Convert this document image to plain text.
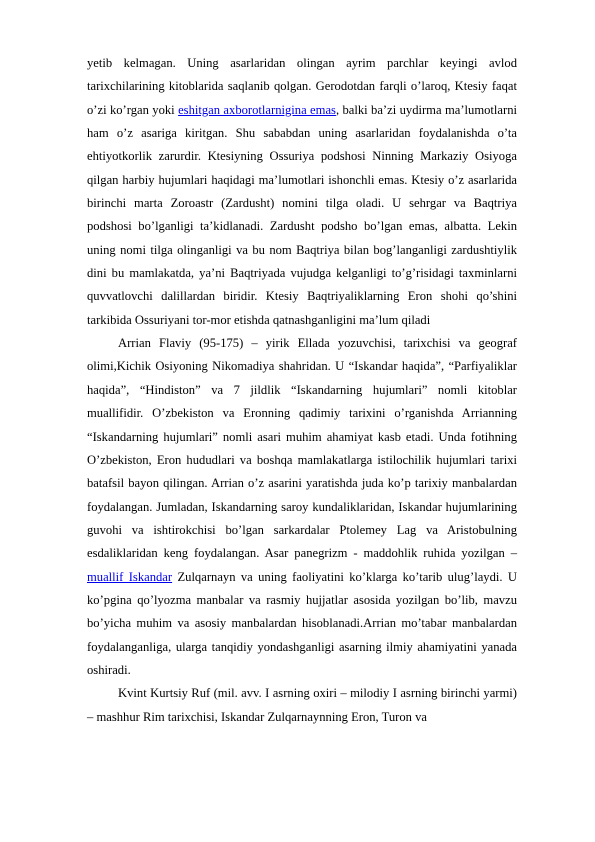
yetib kelmagan. Uning asarlaridan olingan ayrim parchlar keyingi avlod tarixchilarining kitoblarida saqlanib qolgan. Gerodotdan farqli o’laroq, Ktesiy faqat o’zi ko’rgan yoki eshitgan axborotlarnigina emas, balki ba’zi uydirma ma’lumotlarni ham o’z asariga kiritgan. Shu sababdan uning asarlaridan foydalanishda o’ta ehtiyotkorlik zarurdir. Ktesiyning Ossuriya podshosi Ninning Markaziy Osiyoga qilgan harbiy hujumlari haqidagi ma’lumotlari ishonchli emas. Ktesiy o’z asarlarida birinchi marta Zoroastr (Zardusht) nomini tilga oladi. U sehrgar va Baqtriya podshosi bo’lganligi ta’kidlanadi. Zardusht podsho bo’lgan emas, albatta. Lekin uning nomi tilga olinganligi va bu nom Baqtriya bilan bog’langanligi zardushtiylik dini bu mamlakatda, ya’ni Baqtriyada vujudga kelganligi to’g’risidagi taxminlarni quvvatlovchi dalillardan biridir. Ktesiy Baqtriyaliklarning Eron shohi qo’shini tarkibida Ossuriyani tor-mor etishda qatnashganligini ma’lum qiladi

Arrian Flaviy (95-175) – yirik Ellada yozuvchisi, tarixchisi va geograf olimi,Kichik Osiyoning Nikomadiya shahridan. U “Iskandar haqida”, “Parfiyaliklar haqida”, “Hindiston” va 7 jildlik “Iskandarning hujumlari” nomli kitoblar muallifidir. O’zbekiston va Eronning qadimiy tarixini o’rganishda Arrianning “Iskandarning hujumlari” nomli asari muhim ahamiyat kasb etadi. Unda fotihning O’zbekiston, Eron hududlari va boshqa mamlakatlarga istilochilik hujumlari tarixi batafsil bayon qilingan. Arrian o’z asarini yaratishda juda ko’p tarixiy manbalardan foydalangan. Jumladan, Iskandarning saroy kundaliklaridan, Iskandar hujumlarining guvohi va ishtirokchisi bo’lgan sarkardalar Ptolemey Lag va Aristobulning esdaliklaridan keng foydalangan. Asar panegrizm - maddohlik ruhida yozilgan – muallif Iskandar Zulqarnayn va uning faoliyatini ko’klarga ko’tarib ulug’laydi. U ko’pgina qo’lyozma manbalar va rasmiy hujjatlar asosida yozilgan bo’lib, mavzu bo’yicha muhim va asosiy manbalardan hisoblanadi.Arrian mo’tabar manbalardan foydalanganliga, ularga tanqidiy yondashganligi asarning ilmiy ahamiyatini yanada oshiradi.

Kvint Kurtsiy Ruf (mil. avv. I asrning oxiri – milodiy I asrning birinchi yarmi) – mashhur Rim tarixchisi, Iskandar Zulqarnaynning Eron, Turon va
